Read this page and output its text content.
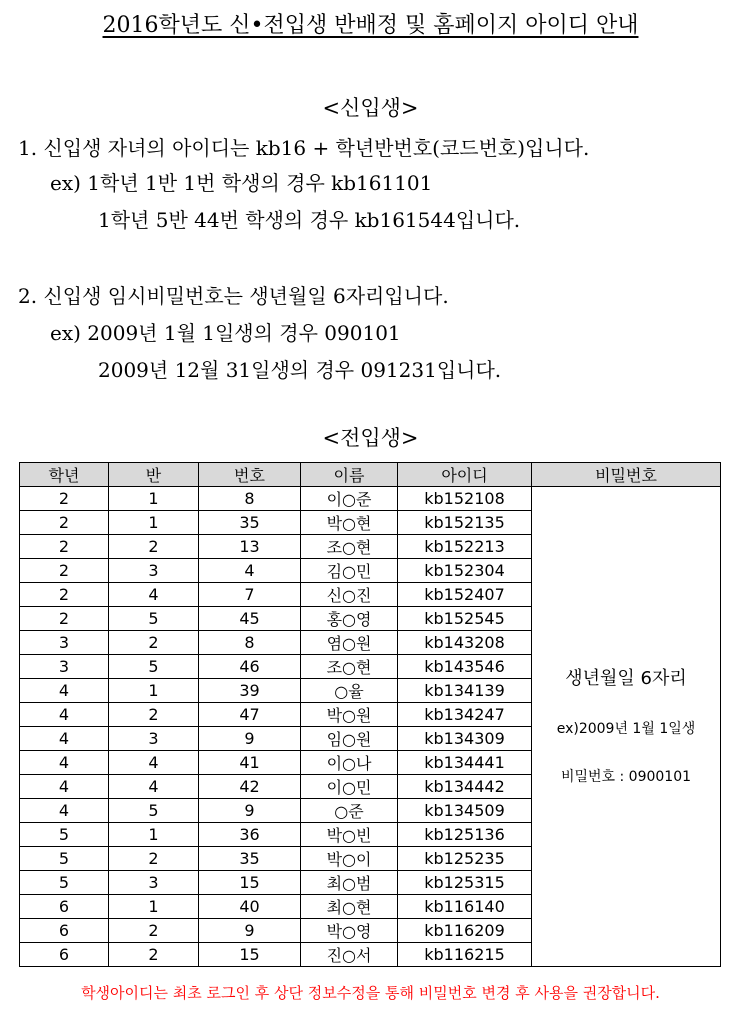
2016학년도 신•전입생 반배정 및 홈페이지 아이디 안내
<신입생>
1. 신입생 자녀의 아이디는 kb16 + 학년반번호(코드번호)입니다.
ex) 1학년 1반 1번 학생의 경우 kb161101
1학년 5반 44번 학생의 경우 kb161544입니다.
2. 신입생 임시비밀번호는 생년월일 6자리입니다.
ex) 2009년 1월 1일생의 경우 090101
2009년 12월 31일생의 경우 091231입니다.
<전입생>
학년	반	번호	이름	아이디	비밀번호
2	1	8	이○준	kb152108	생년월일 6자리
ex)2009년 1월 1일생
비밀번호 : 0900101

2	1	35	박○현	kb152135	
2	2	13	조○현	kb152213	
2	3	4	김○민	kb152304	
2	4	7	신○진	kb152407	
2	5	45	홍○영	kb152545	
3	2	8	염○원	kb143208	
3	5	46	조○현	kb143546	
4	1	39	○율	kb134139	
4	2	47	박○원	kb134247	
4	3	9	임○원	kb134309	
4	4	41	이○나	kb134441	
4	4	42	이○민	kb134442	
4	5	9	○준	kb134509	
5	1	36	박○빈	kb125136	
5	2	35	박○이	kb125235	
5	3	15	최○범	kb125315	
6	1	40	최○현	kb116140	
6	2	9	박○영	kb116209	
6	2	15	진○서	kb116215	
학생아이디는 최초 로그인 후 상단 정보수정을 통해 비밀번호 변경 후 사용을 권장합니다.
